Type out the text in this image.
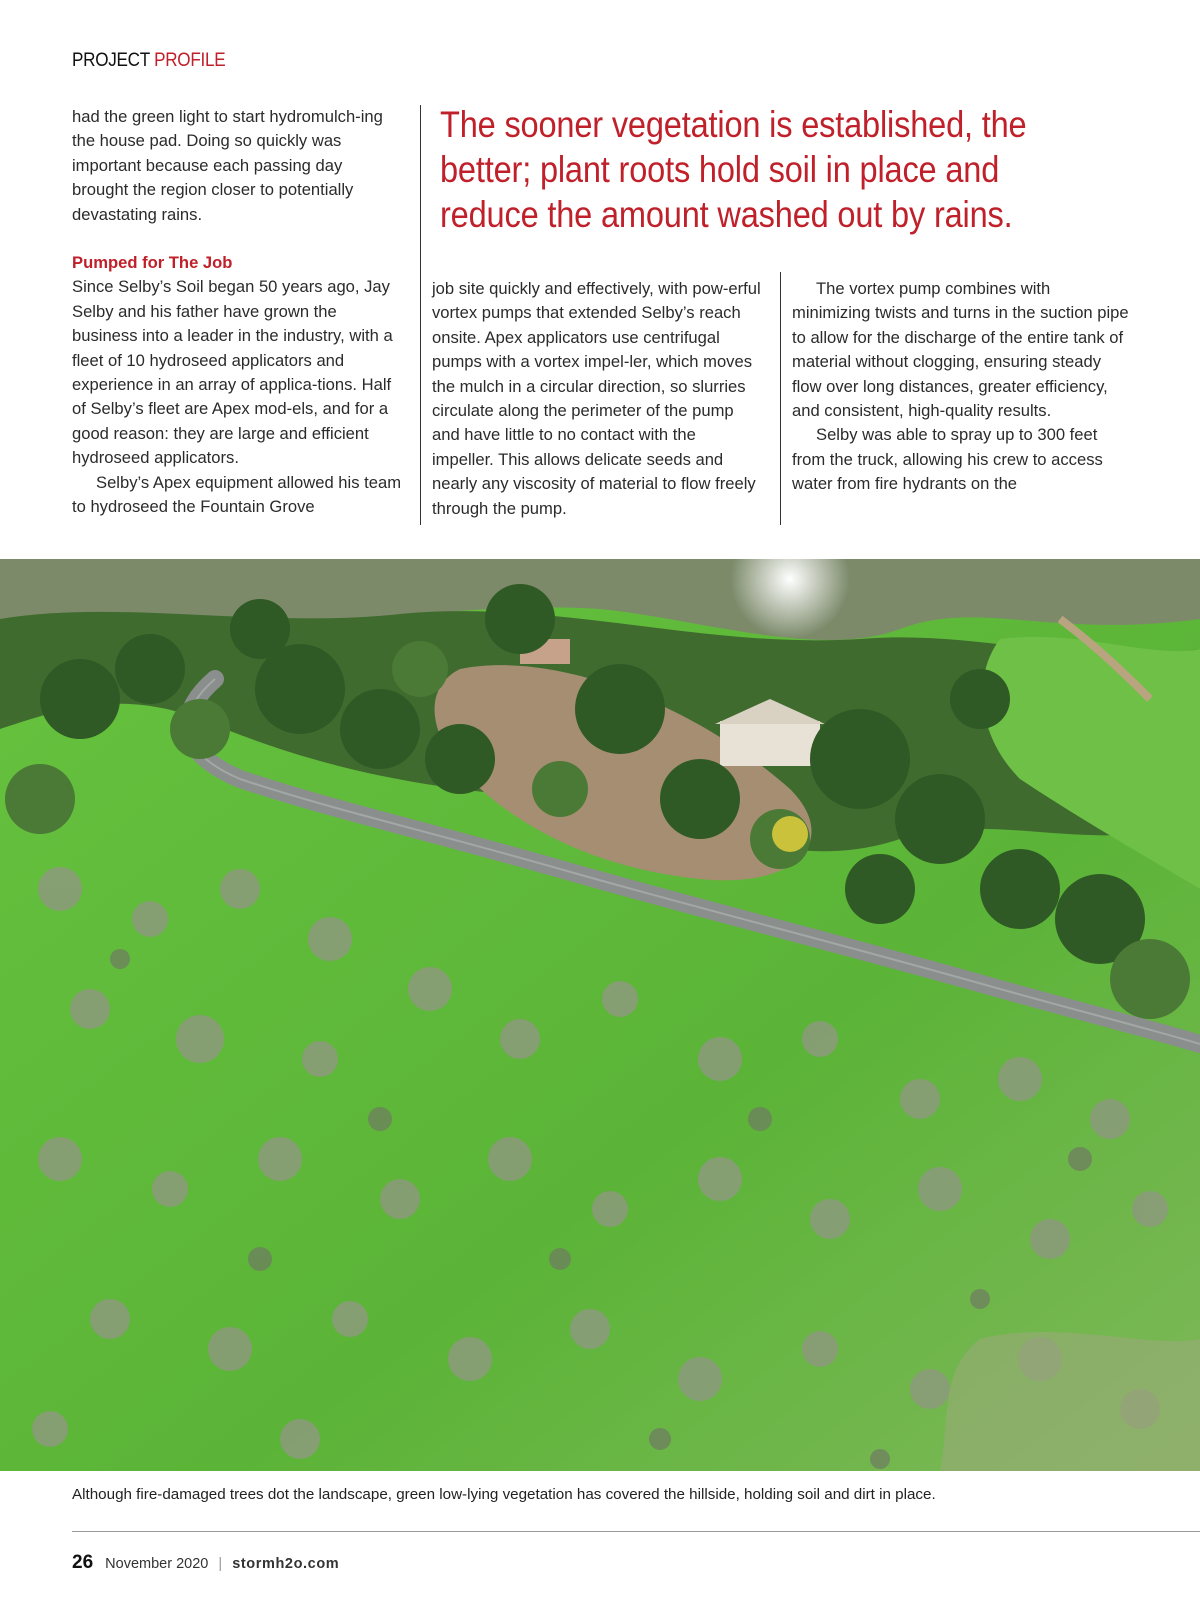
PROJECT PROFILE

had the green light to start hydromulch-ing the house pad. Doing so quickly was important because each passing day brought the region closer to potentially devastating rains.

Pumped for The Job

Since Selby’s Soil began 50 years ago, Jay Selby and his father have grown the business into a leader in the industry, with a fleet of 10 hydroseed applicators and experience in an array of applica-tions. Half of Selby’s fleet are Apex mod-els, and for a good reason: they are large and efficient hydroseed applicators.

Selby’s Apex equipment allowed his team to hydroseed the Fountain Grove

The sooner vegetation is established, the better; plant roots hold soil in place and reduce the amount washed out by rains.

job site quickly and effectively, with pow-erful vortex pumps that extended Selby’s reach onsite. Apex applicators use centrifugal pumps with a vortex impel-ler, which moves the mulch in a circular direction, so slurries circulate along the perimeter of the pump and have little to no contact with the impeller. This allows delicate seeds and nearly any viscosity of material to flow freely through the pump.

The vortex pump combines with minimizing twists and turns in the suction pipe to allow for the discharge of the entire tank of material without clogging, ensuring steady flow over long distances, greater efficiency, and consistent, high-quality results.

Selby was able to spray up to 300 feet from the truck, allowing his crew to access water from fire hydrants on the

Although fire-damaged trees dot the landscape, green low-lying vegetation has covered the hillside, holding soil and dirt in place.
26 November 2020 | stormh2o.com
